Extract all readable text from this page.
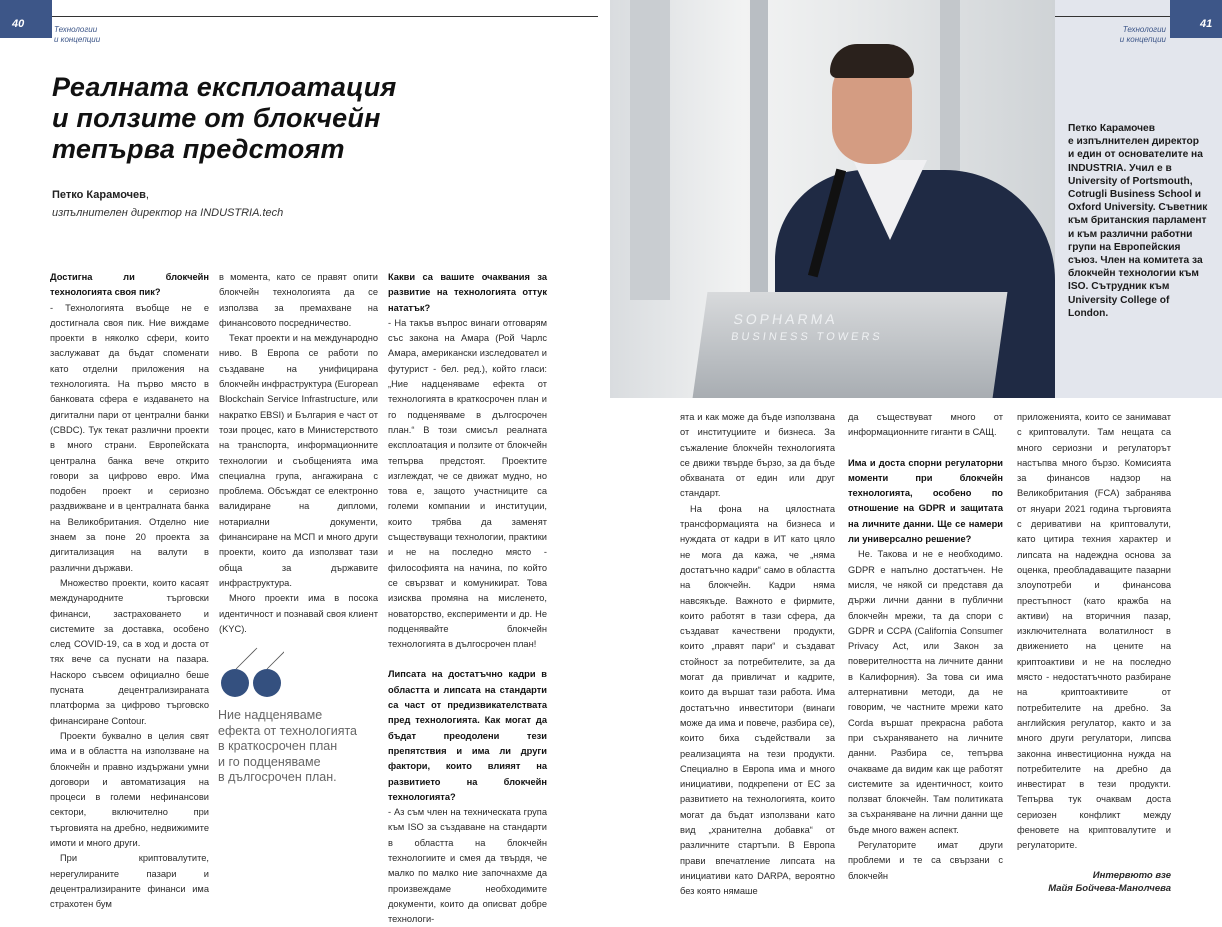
40	Технологии
и концепции
Реалната експлоатация
и ползите от блокчейн
тепърва предстоят
Петко Карамочев,
изпълнителен директор на INDUSTRIA.tech

Достигна ли блокчейн технологията своя пик?

- Технологията въобще не е достигнала своя пик. Ние виждаме проекти в няколко сфери, които заслужават да бъдат споменати като отделни приложения на технологията. На първо място в банковата сфера е издаването на дигитални пари от централни банки (CBDC). Тук текат различни проекти в много страни. Европейската централна банка вече открито говори за цифрово евро. Има подобен проект и сериозно раздвижване и в централната банка на Великобритания. Отделно ние знаем за поне 20 проекта за дигитализация на валути в различни държави.

Множество проекти, които касаят международните търговски финанси, застраховането и системите за доставка, особено след COVID-19, са в ход и доста от тях вече са пуснати на пазара. Наскоро съвсем официално беше пусната децентрализираната платформа за цифрово търговско финансиране Contour.

Проекти буквално в целия свят има и в областта на използване на блокчейн и правно издържани умни договори и автоматизация на процеси в големи нефинансови сектори, включително при търговията на дребно, недвижимите имоти и много други.

При криптовалутите, нерегулираните пазари и децентрализираните финанси има страхотен бум

в момента, като се правят опити блокчейн технологията да се използва за премахване на финансовото посредничество.

Текат проекти и на международно ниво. В Европа се работи по създаване на унифицирана блокчейн инфраструктура (European Blockchain Service Infrastructure, или накратко EBSI) и България е част от този процес, като в Министерството на транспорта, информационните технологии и съобщенията има специална група, ангажирана с проблема. Обсъждат се електронно валидиране на дипломи, нотариални документи, финансиране на МСП и много други проекти, които да използват тази обща за държавите инфраструктура.

Много проекти има в посока идентичност и познавай своя клиент (KYC).

Ние надценяваме
ефекта от технологията
в краткосрочен план
и го подценяваме
в дългосрочен план.

Какви са вашите очаквания за развитие на технологията оттук нататък?

- На такъв въпрос винаги отговарям със закона на Амара (Рой Чарлс Амара, американски изследовател и футурист - бел. ред.), който гласи: „Ние надценяваме ефекта от технологията в краткосрочен план и го подценяваме в дългосрочен план.“ В този смисъл реалната експлоатация и ползите от блокчейн тепърва предстоят. Проектите изглеждат, че се движат мудно, но това е, защото участниците са големи компании и институции, които трябва да заменят съществуващи технологии, практики и не на последно място - философията на начина, по който се свързват и комуникират. Това изисква промяна на мисленето, новаторство, експерименти и др. Не подценявайте блокчейн технологията в дългосрочен план!

Липсата на достатъчно кадри в областта и липсата на стандарти са част от предизвикателствата пред технологията. Как могат да бъдат преодолени тези препятствия и има ли други фактори, които влияят на развитието на блокчейн технологията?

- Аз съм член на техническата група към ISO за създаване на стандарти в областта на блокчейн технологиите и смея да твърдя, че малко по малко ние започнахме да произвеждаме необходимите документи, които да описват добре технологи-

SOPHARMA
BUSINESS TOWERS
41
Технологии
и концепции
Петко Карамочев
е изпълнителен директор и един от основателите на INDUSTRIA. Учил е в University of Portsmouth, Cotrugli Business School и Oxford University. Съветник към британския парламент и към различни работни групи на Европейския съюз. Член на комитета за блокчейн технологии към ISO. Сътрудник към University College of London.

ята и как може да бъде използвана от институциите и бизнеса. За съжаление блокчейн технологията се движи твърде бързо, за да бъде обхваната от един или друг стандарт.

На фона на цялостната трансформацията на бизнеса и нуждата от кадри в ИТ като цяло не мога да кажа, че „няма достатъчно кадри“ само в областта на блокчейн. Кадри няма навсякъде. Важното е фирмите, които работят в тази сфера, да създават качествени продукти, които „правят пари“ и създават стойност за потребителите, за да могат да привличат и кадрите, които да вършат тази работа. Има достатъчно инвеститори (винаги може да има и повече, разбира се), които биха съдействали за реализацията на тези продукти. Специално в Европа има и много инициативи, подкрепени от ЕС за развитието на технологията, които могат да бъдат използвани като вид „хранителна добавка“ от различните стартъпи. В Европа прави впечатление липсата на инициативи като DARPA, вероятно без която нямаше

да съществуват много от информационните гиганти в САЩ.

Има и доста спорни регулаторни моменти при блокчейн технологията, особено по отношение на GDPR и защитата на личните данни. Ще се намери ли универсално решение?

Не. Такова и не е необходимо. GDPR е напълно достатъчен. Не мисля, че някой си представя да държи лични данни в публични блокчейн мрежи, та да спори с GDPR и CCPA (California Consumer Privacy Act, или Закон за поверителността на личните данни в Калифорния). За това си има алтернативни методи, да не говорим, че частните мрежи като Corda вършат прекрасна работа при съхраняването на личните данни. Разбира се, тепърва очакваме да видим как ще работят системите за идентичност, които ползват блокчейн. Там политиката за съхраняване на лични данни ще бъде много важен аспект.

Регулаторите имат други проблеми и те са свързани с блокчейн

приложенията, които се занимават с криптовалути. Там нещата са много сериозни и регулаторът настъпва много бързо. Комисията за финансов надзор на Великобритания (FCA) забранява от януари 2021 година търговията с деривативи на криптовалути, като цитира техния характер и липсата на надеждна основа за оценка, преобладаващите пазарни злоупотреби и финансова престъпност (като кражба на активи) на вторичния пазар, изключителната волатилност в движението на цените на криптоактиви и не на последно място - недостатъчното разбиране на криптоактивите от потребителите на дребно. За английския регулатор, както и за много други регулатори, липсва законна инвестиционна нужда на потребителите на дребно да инвестират в тези продукти. Тепърва тук очаквам доста сериозен конфликт между феновете на криптовалутите и регулаторите.

Интервюто взе
Майя Бойчева-Манолчева
